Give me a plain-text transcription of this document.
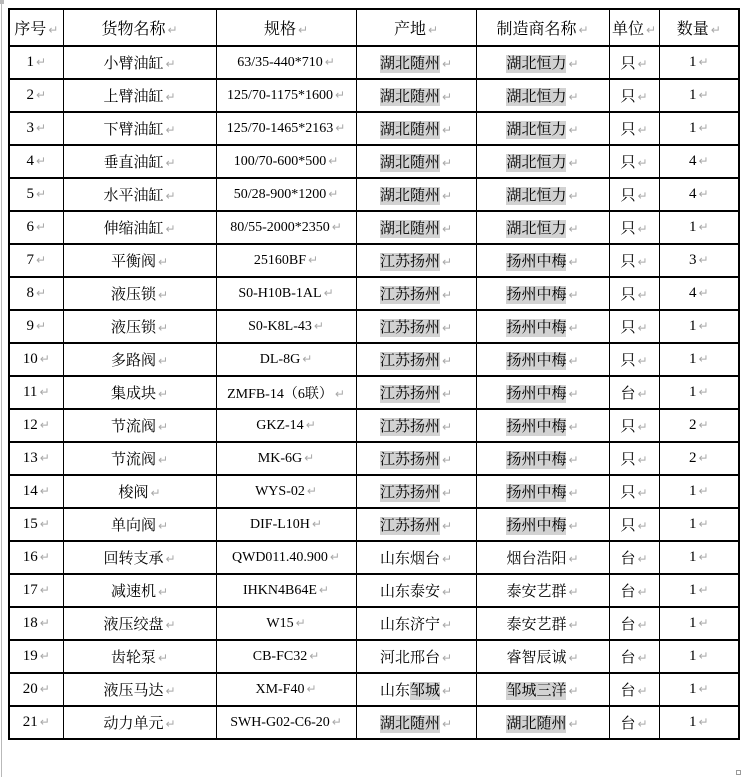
序号 ↵	货物名称 ↵	规格 ↵	产地 ↵	制造商名称 ↵	单位 ↵	数量 ↵
1 ↵	小臂油缸 ↵	63/35-440*710 ↵	湖北随州 ↵	湖北恒力 ↵	只 ↵	1 ↵
2 ↵	上臂油缸 ↵	125/70-1175*1600 ↵	湖北随州 ↵	湖北恒力 ↵	只 ↵	1 ↵
3 ↵	下臂油缸 ↵	125/70-1465*2163 ↵	湖北随州 ↵	湖北恒力 ↵	只 ↵	1 ↵
4 ↵	垂直油缸 ↵	100/70-600*500 ↵	湖北随州 ↵	湖北恒力 ↵	只 ↵	4 ↵
5 ↵	水平油缸 ↵	50/28-900*1200 ↵	湖北随州 ↵	湖北恒力 ↵	只 ↵	4 ↵
6 ↵	伸缩油缸 ↵	80/55-2000*2350 ↵	湖北随州 ↵	湖北恒力 ↵	只 ↵	1 ↵
7 ↵	平衡阀 ↵	25160BF ↵	江苏扬州 ↵	扬州中梅 ↵	只 ↵	3 ↵
8 ↵	液压锁 ↵	S0-H10B-1AL ↵	江苏扬州 ↵	扬州中梅 ↵	只 ↵	4 ↵
9 ↵	液压锁 ↵	S0-K8L-43 ↵	江苏扬州 ↵	扬州中梅 ↵	只 ↵	1 ↵
10 ↵	多路阀 ↵	DL-8G ↵	江苏扬州 ↵	扬州中梅 ↵	只 ↵	1 ↵
11 ↵	集成块 ↵	ZMFB-14（6联） ↵	江苏扬州 ↵	扬州中梅 ↵	台 ↵	1 ↵
12 ↵	节流阀 ↵	GKZ-14 ↵	江苏扬州 ↵	扬州中梅 ↵	只 ↵	2 ↵
13 ↵	节流阀 ↵	MK-6G ↵	江苏扬州 ↵	扬州中梅 ↵	只 ↵	2 ↵
14 ↵	梭阀 ↵	WYS-02 ↵	江苏扬州 ↵	扬州中梅 ↵	只 ↵	1 ↵
15 ↵	单向阀 ↵	DIF-L10H ↵	江苏扬州 ↵	扬州中梅 ↵	只 ↵	1 ↵
16 ↵	回转支承 ↵	QWD011.40.900 ↵	山东烟台 ↵	烟台浩阳 ↵	台 ↵	1 ↵
17 ↵	减速机 ↵	IHKN4B64E ↵	山东泰安 ↵	泰安艺群 ↵	台 ↵	1 ↵
18 ↵	液压绞盘 ↵	W15 ↵	山东济宁 ↵	泰安艺群 ↵	台 ↵	1 ↵
19 ↵	齿轮泵 ↵	CB-FC32 ↵	河北邢台 ↵	睿智辰诚 ↵	台 ↵	1 ↵
20 ↵	液压马达 ↵	XM-F40 ↵	山东邹城 ↵	邹城三洋 ↵	台 ↵	1 ↵
21 ↵	动力单元 ↵	SWH-G02-C6-20 ↵	湖北随州 ↵	湖北随州 ↵	台 ↵	1 ↵
